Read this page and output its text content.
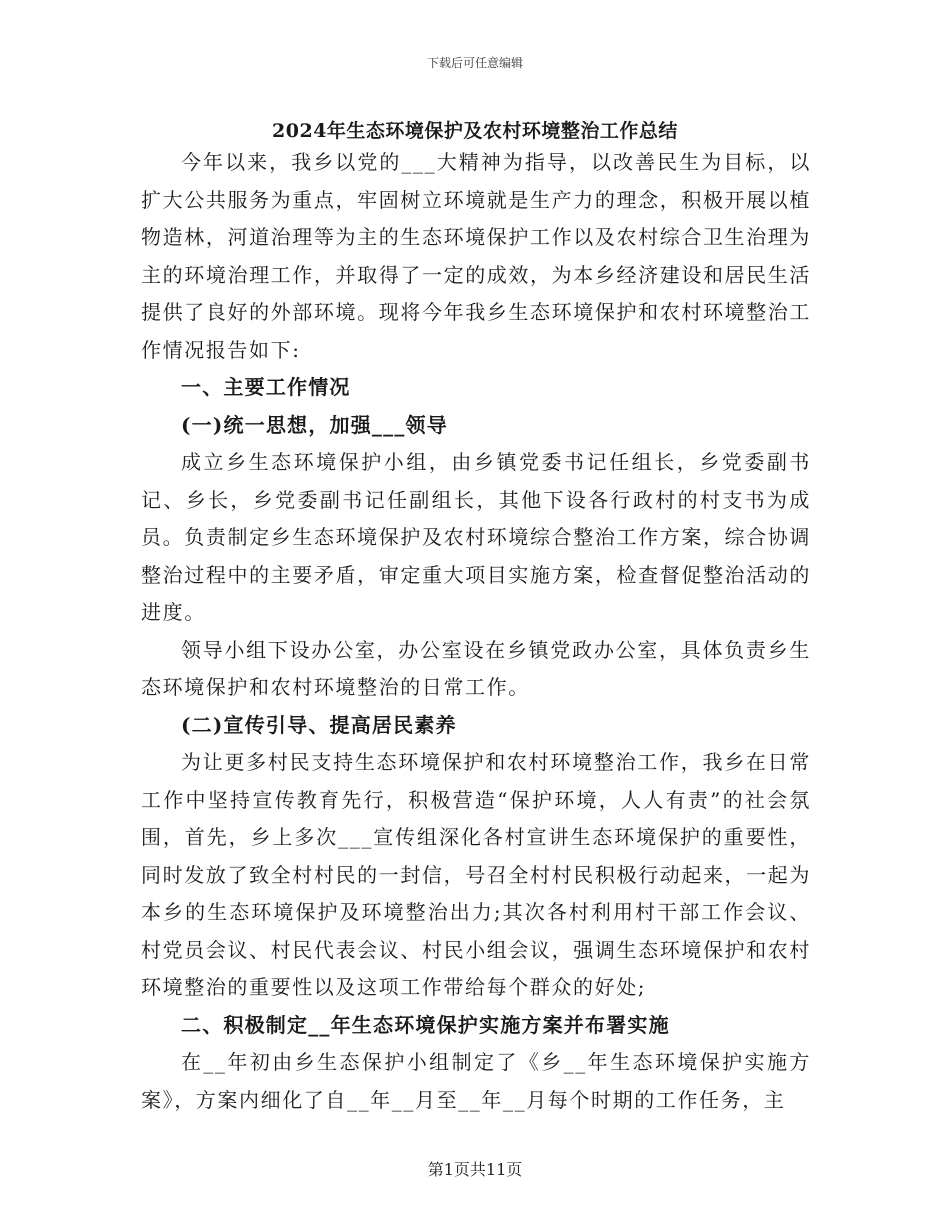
下载后可任意编辑
2024年生态环境保护及农村环境整治工作总结

今年以来，我乡以党的___大精神为指导，以改善民生为目标，以扩大公共服务为重点，牢固树立环境就是生产力的理念，积极开展以植物造林，河道治理等为主的生态环境保护工作以及农村综合卫生治理为主的环境治理工作，并取得了一定的成效，为本乡经济建设和居民生活提供了良好的外部环境。现将今年我乡生态环境保护和农村环境整治工作情况报告如下:

一、主要工作情况

(一)统一思想，加强___领导

成立乡生态环境保护小组，由乡镇党委书记任组长，乡党委副书记、乡长，乡党委副书记任副组长，其他下设各行政村的村支书为成员。负责制定乡生态环境保护及农村环境综合整治工作方案，综合协调整治过程中的主要矛盾，审定重大项目实施方案，检查督促整治活动的进度。

领导小组下设办公室，办公室设在乡镇党政办公室，具体负责乡生态环境保护和农村环境整治的日常工作。

(二)宣传引导、提高居民素养

为让更多村民支持生态环境保护和农村环境整治工作，我乡在日常工作中坚持宣传教育先行，积极营造“保护环境，人人有责”的社会氛围，首先，乡上多次___宣传组深化各村宣讲生态环境保护的重要性，同时发放了致全村村民的一封信，号召全村村民积极行动起来，一起为本乡的生态环境保护及环境整治出力;其次各村利用村干部工作会议、村党员会议、村民代表会议、村民小组会议，强调生态环境保护和农村环境整治的重要性以及这项工作带给每个群众的好处;

二、积极制定__年生态环境保护实施方案并布署实施

在__年初由乡生态保护小组制定了《乡__年生态环境保护实施方案》，方案内细化了自__年__月至__年__月每个时期的工作任务，主

第1页共11页
